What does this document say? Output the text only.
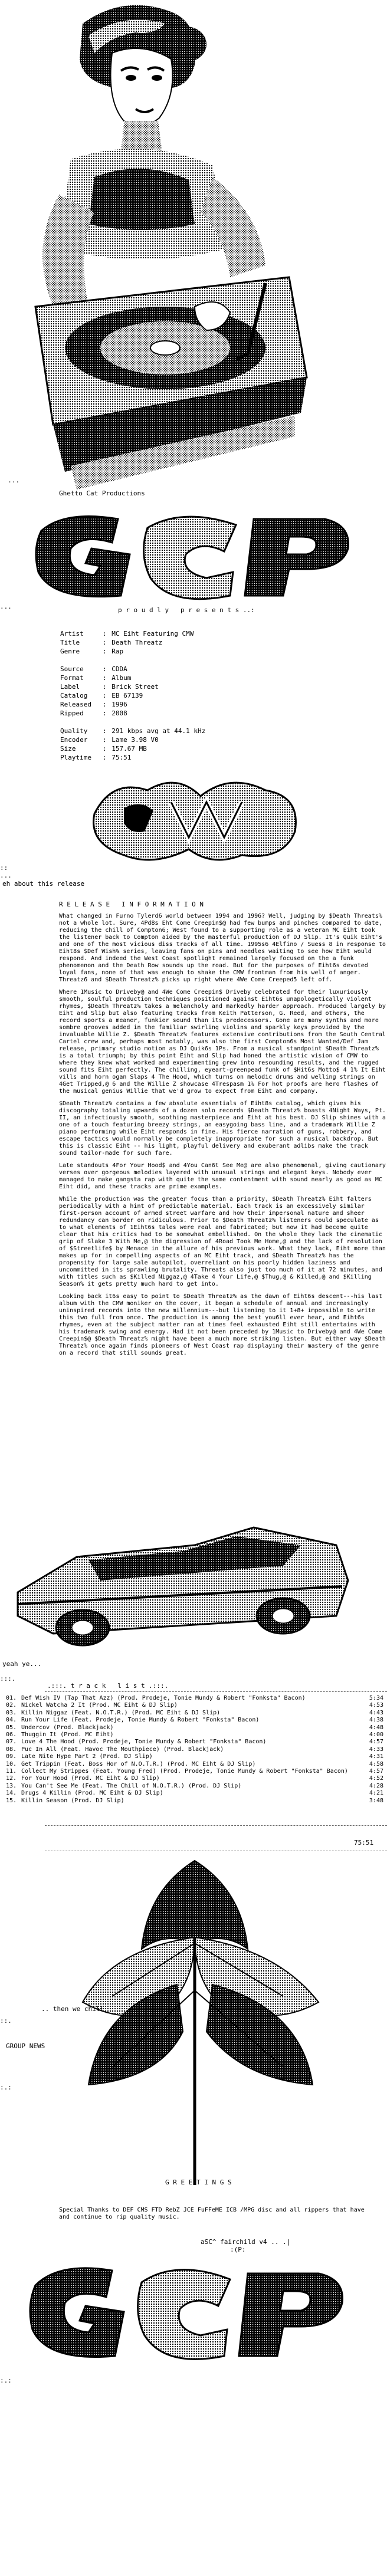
Ghetto Cat Productions
...
...	p r o u d l y   p r e s e n t s ..:
Artist	:	MC Eiht Featuring CMW
Title	:	Death Threatz
Genre	:	Rap

Source	:	CDDA
Format	:	Album
Label	:	Brick Street
Catalog	:	EB 67139
Released	:	1996
Ripped	:	2008

Quality	:	291 kbps avg at 44.1 kHz
Encoder	:	Lame 3.98 V0
Size	:	157.67 MB
Playtime	:	75:51
::
...
eh about this release
R E L E A S E   I N F O R M A T I O N

What changed in Furno Tylerd6 world between 1994 and 1996? Well, judging by $Death Threats% not a whole lot. Sure, 4Pd8s Eht Come Creepin$@ had few bumps and pinches compared to date, reducing the chill of Compton6; West found to a supporting role as a veteran MC Eiht took the listener back to Compton aided by the masterful production of DJ Slip. It's Quik Eiht's and one of the most vicious diss tracks of all time. 1995s6 4Elfino / Suess 8 in response to Eiht8s $Def Wish% series, leaving fans on pins and needles waiting to see how Eiht would respond. And indeed the West Coast spotlight remained largely focused on the a funk phenomenon and the Death Row sounds up the road. But for the purposes of Eiht6s devoted loyal fans, none of that was enough to shake the CMW frontman from his well of anger. Threatz6 and $Death Threatz% picks up right where 4We Come Creeped5 left off.

Where 1Music to Driveby@ and 4We Come Creepin$ Driveby celebrated for their luxuriously smooth, soulful production techniques positioned against Eiht6s unapologetically violent rhymes, $Death Threatz% takes a melancholy and markedly harder approach. Produced largely by Eiht and Slip but also featuring tracks from Keith Patterson, G. Reed, and others, the record sports a meaner, funkier sound than its predecessors. Gone are many synths and more sombre grooves added in the familiar swirling violins and sparkly keys provided by the invaluable Willie Z. $Death Threatz% features extensive contributions from the South Central Cartel crew and, perhaps most notably, was also the first Compton6s Most Wanted/Def Jam release, primary studio motion as DJ Quik6s 1Ps. From a musical standpoint $Death Threatz% is a total triumph; by this point Eiht and Slip had honed the artistic vision of CMW to where they knew what worked and experimenting grew into resounding results, and the rugged sound fits Eiht perfectly. The chilling, eyeart-greenpead funk of $Hit6s Motto$ 4 1% It Eiht vills and horn ogan Slaps 4 The Hood, which turns on melodic drums and welling strings on 4Get Tripped,@ 6 and the Willie Z showcase 4Trespasm 1% For hot proofs are hero flashes of the musical genius Willie that we'd grow to expect from Eiht and company.

$Death Threatz% contains a few absolute essentials of Eiht8s catalog, which gives his discography totaling upwards of a dozen solo records $Death Threatz% boasts 4Night Ways, Pt. II, an infectiously smooth, soothing masterpiece and Eiht at his best. DJ Slip shines with a one of a touch featuring breezy strings, an easygoing bass line, and a trademark Willie Z piano performing while Eiht responds in fine. His fierce narration of guns, robbery, and escape tactics would normally be completely inappropriate for such a musical backdrop. But this is classic Eiht -- his light, playful delivery and exuberant adlibs make the track sound tailor-made for such fare.

Late standouts 4For Your Hood$ and 4You Can6t See Me@ are also phenomenal, giving cautionary verses over gorgeous melodies layered with unusual strings and elegant keys. Nobody ever managed to make gangsta rap with quite the same contentment with sound nearly as good as MC Eiht did, and these tracks are prime examples.

While the production was the greater focus than a priority, $Death Threatz% Eiht falters periodically with a hint of predictable material. Each track is an excessively similar first-person account of armed street warfare and how their impersonal nature and sheer redundancy can border on ridiculous. Prior to $Death Threatz% listeners could speculate as to what elements of 1Eiht6s tales were real and fabricated; but now it had become quite clear that his critics had to be somewhat embellished. On the whole they lack the cinematic grip of Slake 3 With Me,@ the digression of 4Road Took Me Home,@ and the lack of resolution of $Streetlife$ by Menace in the allure of his previous work. What they lack, Eiht more than makes up for in compelling aspects of an MC Eiht track, and $Death Threatz% has the propensity for large sale autopilot, overreliant on his poorly hidden laziness and uncommitted in its sprawling brutality. Threats also just too much of it at 72 minutes, and with titles such as $Killed Niggaz,@ 4Take 4 Your Life,@ $Thug,@ & Killed,@ and $Killing Season% it gets pretty much hard to get into.

Looking back it6s easy to point to $Death Threatz% as the dawn of Eiht6s descent---his last album with the CMW moniker on the cover, it began a schedule of annual and increasingly uninspired records into the new millennium---but listening to it 1+8+ impossible to write this two full from once. The production is among the best you6ll ever hear, and Eiht6s rhymes, even at the subject matter ran at times feel exhausted Eiht still entertains with his trademark swing and energy. Had it not been preceded by 1Music to Driveby@ and 4We Come Creepin$@ $Death Threatz% might have been a much more striking listen. But either way $Death Threatz% once again finds pioneers of West Coast rap displaying their mastery of the genre on a record that still sounds great.

yeah ye...
.:::. t r a c k   l i s t .:::.
:::.
01.	Def Wish IV (Tap That Azz) (Prod. Prodeje, Tonie Mundy & Robert "Fonksta" Bacon)	5:34
02.	Nickel Watcha 2 It (Prod. MC Eiht & DJ Slip)	4:53
03.	Killin Niggaz (Feat. N.O.T.R.) (Prod. MC Eiht & DJ Slip)	4:43
04.	Run Your Life (Feat. Prodeje, Tonie Mundy & Robert "Fonksta" Bacon)	4:38
05.	Undercov (Prod. Blackjack)	4:48
06.	Thuggin It (Prod. MC Eiht)	4:00
07.	Love 4 The Hood (Prod. Prodeje, Tonie Mundy & Robert "Fonksta" Bacon)	4:57
08.	Puc In All (Feat. Havoc The Mouthpiece) (Prod. Blackjack)	4:33
09.	Late Nite Hype Part 2 (Prod. DJ Slip)	4:31
10.	Get Trippin (Feat. Boss Hor of N.O.T.R.) (Prod. MC Eiht & DJ Slip)	4:58
11.	Collect My Strippes (Feat. Young Fred) (Prod. Prodeje, Tonie Mundy & Robert "Fonksta" Bacon)	4:57
12.	For Your Hood (Prod. MC Eiht & DJ Slip)	4:52
13.	You Can't See Me (Feat. The Chill of N.O.T.R.) (Prod. DJ Slip)	4:28
14.	Drugs 4 Killin (Prod. MC Eiht & DJ Slip)	4:21
15.	Killin Season (Prod. DJ Slip)	3:48
75:51
.. then we chill
::.
GROUP NEWS
:.:
G R E E T I N G S
Special Thanks to DEF CMS FTD RebZ JCE FuFFeME ICB /MPG disc and all rippers that have and continue to rip quality music.
aSC^ fairchild v4 .. .|
:(P:
:.:
